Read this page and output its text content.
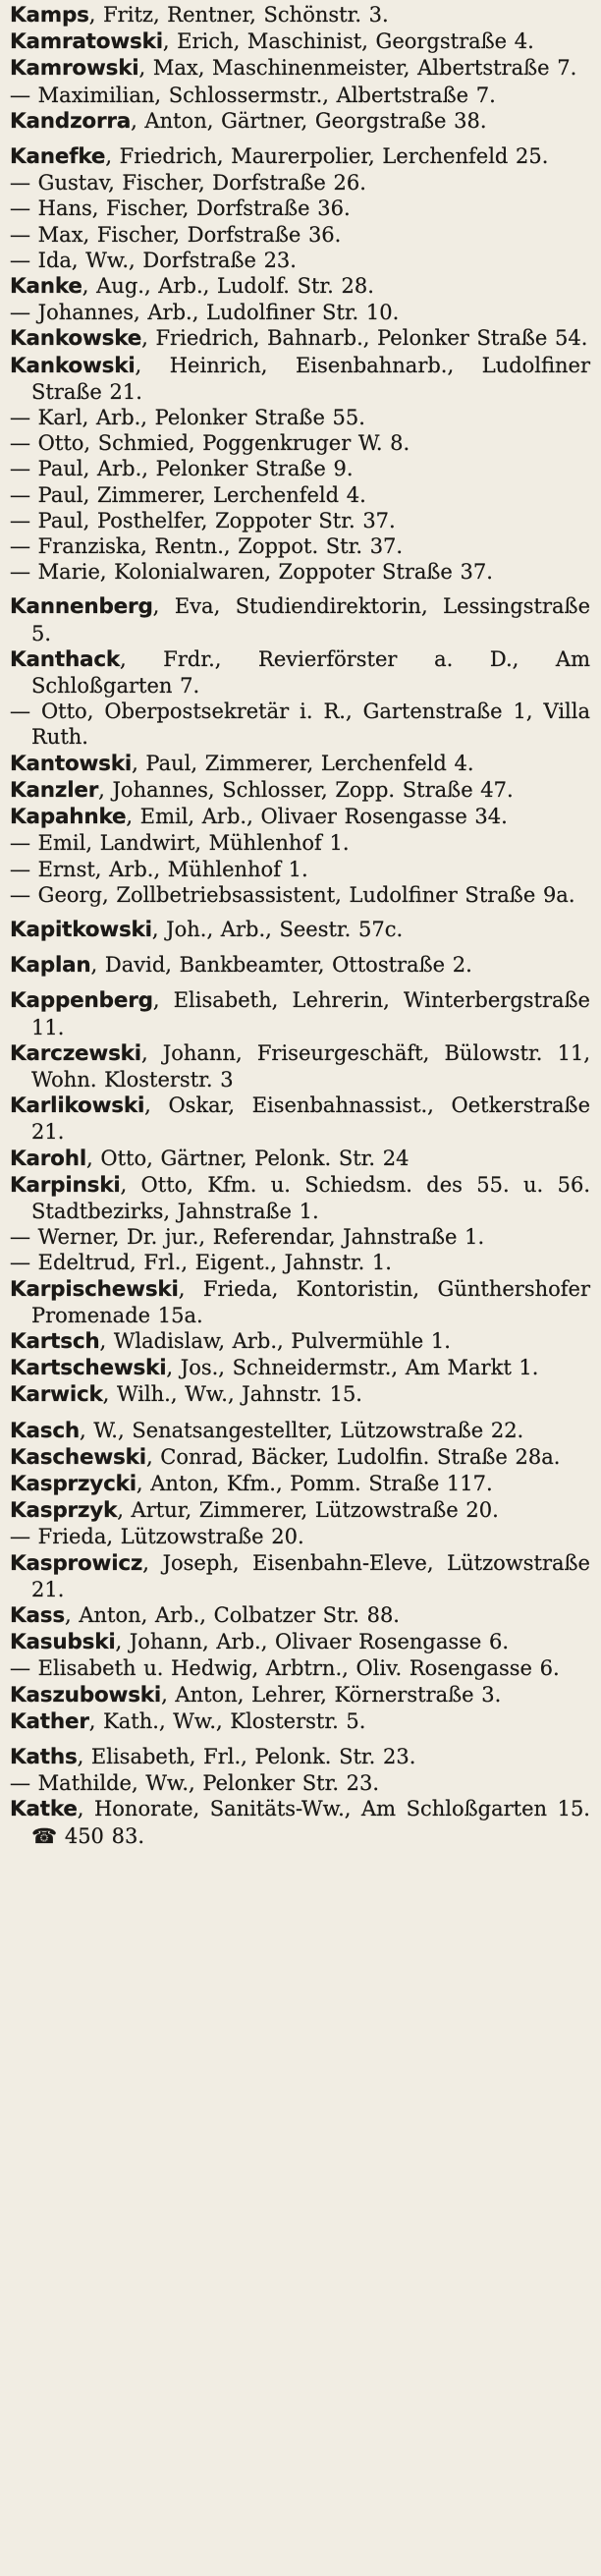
Kamps, Fritz, Rentner, Schönstr. 3.

Kamratowski, Erich, Maschinist, Georgstraße 4.

Kamrowski, Max, Maschinenmeister, Albertstraße 7.

— Maximilian, Schlossermstr., Albertstraße 7.

Kandzorra, Anton, Gärtner, Georgstraße 38.

Kanefke, Friedrich, Maurerpolier, Lerchenfeld 25.

— Gustav, Fischer, Dorfstraße 26.

— Hans, Fischer, Dorfstraße 36.

— Max, Fischer, Dorfstraße 36.

— Ida, Ww., Dorfstraße 23.

Kanke, Aug., Arb., Ludolf. Str. 28.

— Johannes, Arb., Ludolfiner Str. 10.

Kankowske, Friedrich, Bahnarb., Pelonker Straße 54.

Kankowski, Heinrich, Eisenbahnarb., Ludolfiner Straße 21.

— Karl, Arb., Pelonker Straße 55.

— Otto, Schmied, Poggenkruger W. 8.

— Paul, Arb., Pelonker Straße 9.

— Paul, Zimmerer, Lerchenfeld 4.

— Paul, Posthelfer, Zoppoter Str. 37.

— Franziska, Rentn., Zoppot. Str. 37.

— Marie, Kolonialwaren, Zoppoter Straße 37.

Kannenberg, Eva, Studiendirektorin, Lessingstraße 5.

Kanthack, Frdr., Revierförster a. D., Am Schloßgarten 7.

— Otto, Oberpostsekretär i. R., Gartenstraße 1, Villa Ruth.

Kantowski, Paul, Zimmerer, Lerchenfeld 4.

Kanzler, Johannes, Schlosser, Zopp. Straße 47.

Kapahnke, Emil, Arb., Olivaer Rosengasse 34.

— Emil, Landwirt, Mühlenhof 1.

— Ernst, Arb., Mühlenhof 1.

— Georg, Zollbetriebsassistent, Ludolfiner Straße 9a.

Kapitkowski, Joh., Arb., Seestr. 57c.

Kaplan, David, Bankbeamter, Ottostraße 2.

Kappenberg, Elisabeth, Lehrerin, Winterbergstraße 11.

Karczewski, Johann, Friseurgeschäft, Bülowstr. 11, Wohn. Klosterstr. 3

Karlikowski, Oskar, Eisenbahnassist., Oetkerstraße 21.

Karohl, Otto, Gärtner, Pelonk. Str. 24

Karpinski, Otto, Kfm. u. Schiedsm. des 55. u. 56. Stadtbezirks, Jahnstraße 1.

— Werner, Dr. jur., Referendar, Jahnstraße 1.

— Edeltrud, Frl., Eigent., Jahnstr. 1.

Karpischewski, Frieda, Kontoristin, Günthershofer Promenade 15a.

Kartsch, Wladislaw, Arb., Pulvermühle 1.

Kartschewski, Jos., Schneidermstr., Am Markt 1.

Karwick, Wilh., Ww., Jahnstr. 15.

Kasch, W., Senatsangestellter, Lützowstraße 22.

Kaschewski, Conrad, Bäcker, Ludolfin. Straße 28a.

Kasprzycki, Anton, Kfm., Pomm. Straße 117.

Kasprzyk, Artur, Zimmerer, Lützowstraße 20.

— Frieda, Lützowstraße 20.

Kasprowicz, Joseph, Eisenbahn-Eleve, Lützowstraße 21.

Kass, Anton, Arb., Colbatzer Str. 88.

Kasubski, Johann, Arb., Olivaer Rosengasse 6.

— Elisabeth u. Hedwig, Arbtrn., Oliv. Rosengasse 6.

Kaszubowski, Anton, Lehrer, Körnerstraße 3.

Kather, Kath., Ww., Klosterstr. 5.

Kaths, Elisabeth, Frl., Pelonk. Str. 23.

— Mathilde, Ww., Pelonker Str. 23.

Katke, Honorate, Sanitäts-Ww., Am Schloßgarten 15. ☎ 450 83.
